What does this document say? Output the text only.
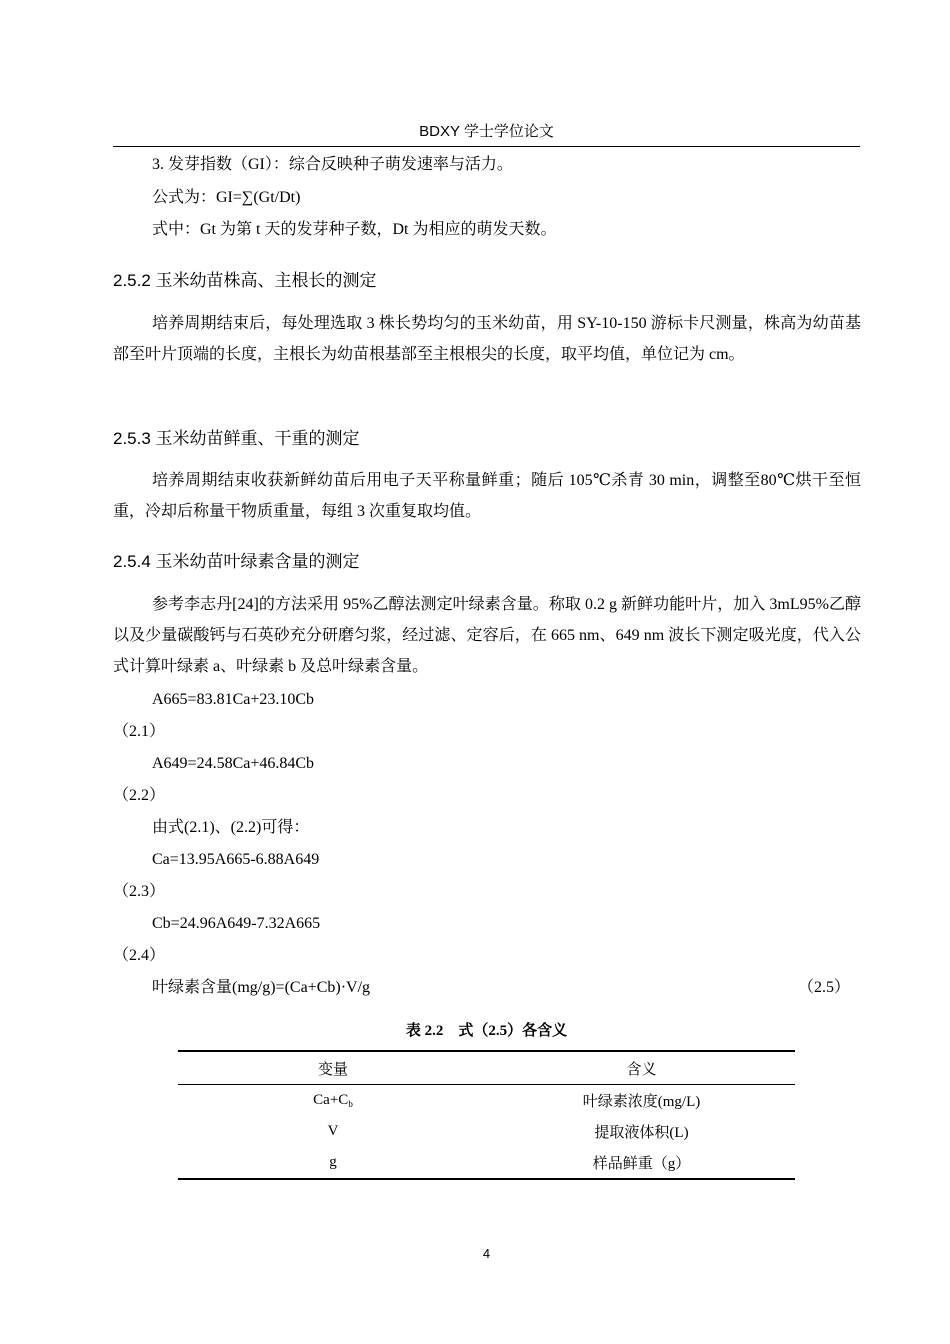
BDXY 学士学位论文
3. 发芽指数（GI）：综合反映种子萌发速率与活力。
公式为：GI=∑(Gt/Dt)
式中：Gt 为第 t 天的发芽种子数，Dt 为相应的萌发天数。
2.5.2 玉米幼苗株高、主根长的测定
培养周期结束后，每处理选取 3 株长势均匀的玉米幼苗，用 SY-10-150 游标卡尺测量，株高为幼苗基部至叶片顶端的长度，主根长为幼苗根基部至主根根尖的长度，取平均值，单位记为 cm。
2.5.3 玉米幼苗鲜重、干重的测定
培养周期结束收获新鲜幼苗后用电子天平称量鲜重；随后 105℃杀青 30 min，调整至80℃烘干至恒重，冷却后称量干物质重量，每组 3 次重复取均值。
2.5.4 玉米幼苗叶绿素含量的测定
参考李志丹[24]的方法采用 95%乙醇法测定叶绿素含量。称取 0.2 g 新鲜功能叶片，加入 3mL95%乙醇以及少量碳酸钙与石英砂充分研磨匀浆，经过滤、定容后，在 665 nm、649 nm 波长下测定吸光度，代入公式计算叶绿素 a、叶绿素 b 及总叶绿素含量。
A665=83.81Ca+23.10Cb
（2.1）
A649=24.58Ca+46.84Cb
（2.2）
由式(2.1)、(2.2)可得：
Ca=13.95A665-6.88A649
（2.3）
Cb=24.96A649-7.32A665
（2.4）
叶绿素含量(mg/g)=(Ca+Cb)·V/g	（2.5）
表 2.2　式（2.5）各含义
变量	含义
$Ca+C_b$	叶绿素浓度(mg/L)
V	提取液体积(L)
g	样品鲜重（g）
4
